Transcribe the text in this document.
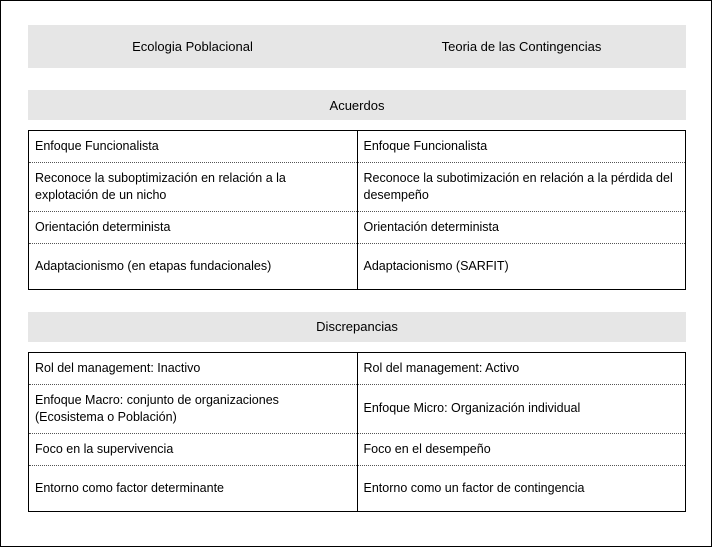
Ecologia Poblacional	Teoria de las Contingencias
Acuerdos
Enfoque Funcionalista	Enfoque Funcionalista
Reconoce la suboptimización en relación a la explotación de un nicho	Reconoce la subotimización en relación a la pérdida del desempeño
Orientación determinista	Orientación determinista
Adaptacionismo (en etapas fundacionales)	Adaptacionismo (SARFIT)
Discrepancias
Rol del management: Inactivo	Rol del management: Activo
Enfoque Macro: conjunto de organizaciones (Ecosistema o Población)	Enfoque Micro: Organización individual
Foco en la supervivencia	Foco en el desempeño
Entorno como factor determinante	Entorno como un factor de contingencia
